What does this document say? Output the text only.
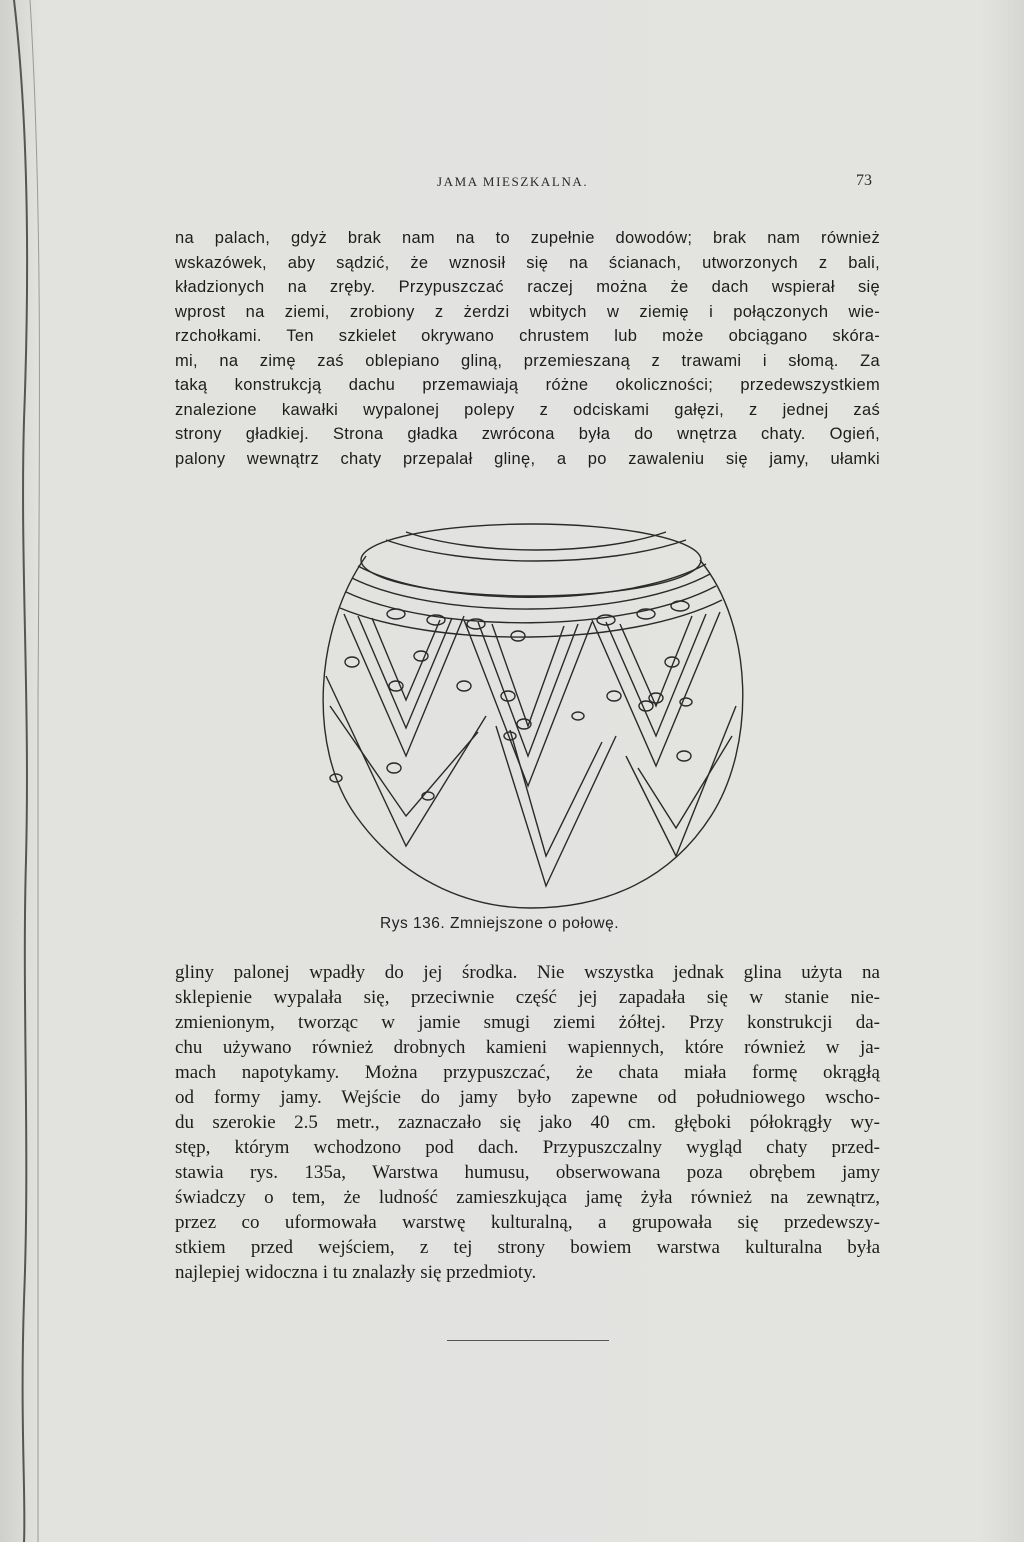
JAMA MIESZKALNA.	73
na palach, gdyż brak nam na to zupełnie dowodów; brak nam również
wskazówek, aby sądzić, że wznosił się na ścianach, utworzonych z bali,
kładzionych na zręby. Przypuszczać raczej można że dach wspierał się
wprost na ziemi, zrobiony z żerdzi wbitych w ziemię i połączonych wie-
rzchołkami. Ten szkielet okrywano chrustem lub może obciągano skóra-
mi, na zimę zaś oblepiano gliną, przemieszaną z trawami i słomą. Za
taką konstrukcją dachu przemawiają różne okoliczności; przedewszystkiem
znalezione kawałki wypalonej polepy z odciskami gałęzi, z jednej zaś
strony gładkiej. Strona gładka zwrócona była do wnętrza chaty. Ogień,
palony wewnątrz chaty przepalał glinę, a po zawaleniu się jamy, ułamki
Rys 136. Zmniejszone o połowę.
gliny palonej wpadły do jej środka. Nie wszystka jednak glina użyta na
sklepienie wypalała się, przeciwnie część jej zapadała się w stanie nie-
zmienionym, tworząc w jamie smugi ziemi żółtej. Przy konstrukcji da-
chu używano również drobnych kamieni wapiennych, które również w ja-
mach napotykamy. Można przypuszczać, że chata miała formę okrągłą
od formy jamy. Wejście do jamy było zapewne od południowego wscho-
du szerokie 2.5 metr., zaznaczało się jako 40 cm. głęboki półokrągły wy-
stęp, którym wchodzono pod dach. Przypuszczalny wygląd chaty przed-
stawia rys. 135a, Warstwa humusu, obserwowana poza obrębem jamy
świadczy o tem, że ludność zamieszkująca jamę żyła również na zewnątrz,
przez co uformowała warstwę kulturalną, a grupowała się przedewszy-
stkiem przed wejściem, z tej strony bowiem warstwa kulturalna była
najlepiej widoczna i tu znalazły się przedmioty.
